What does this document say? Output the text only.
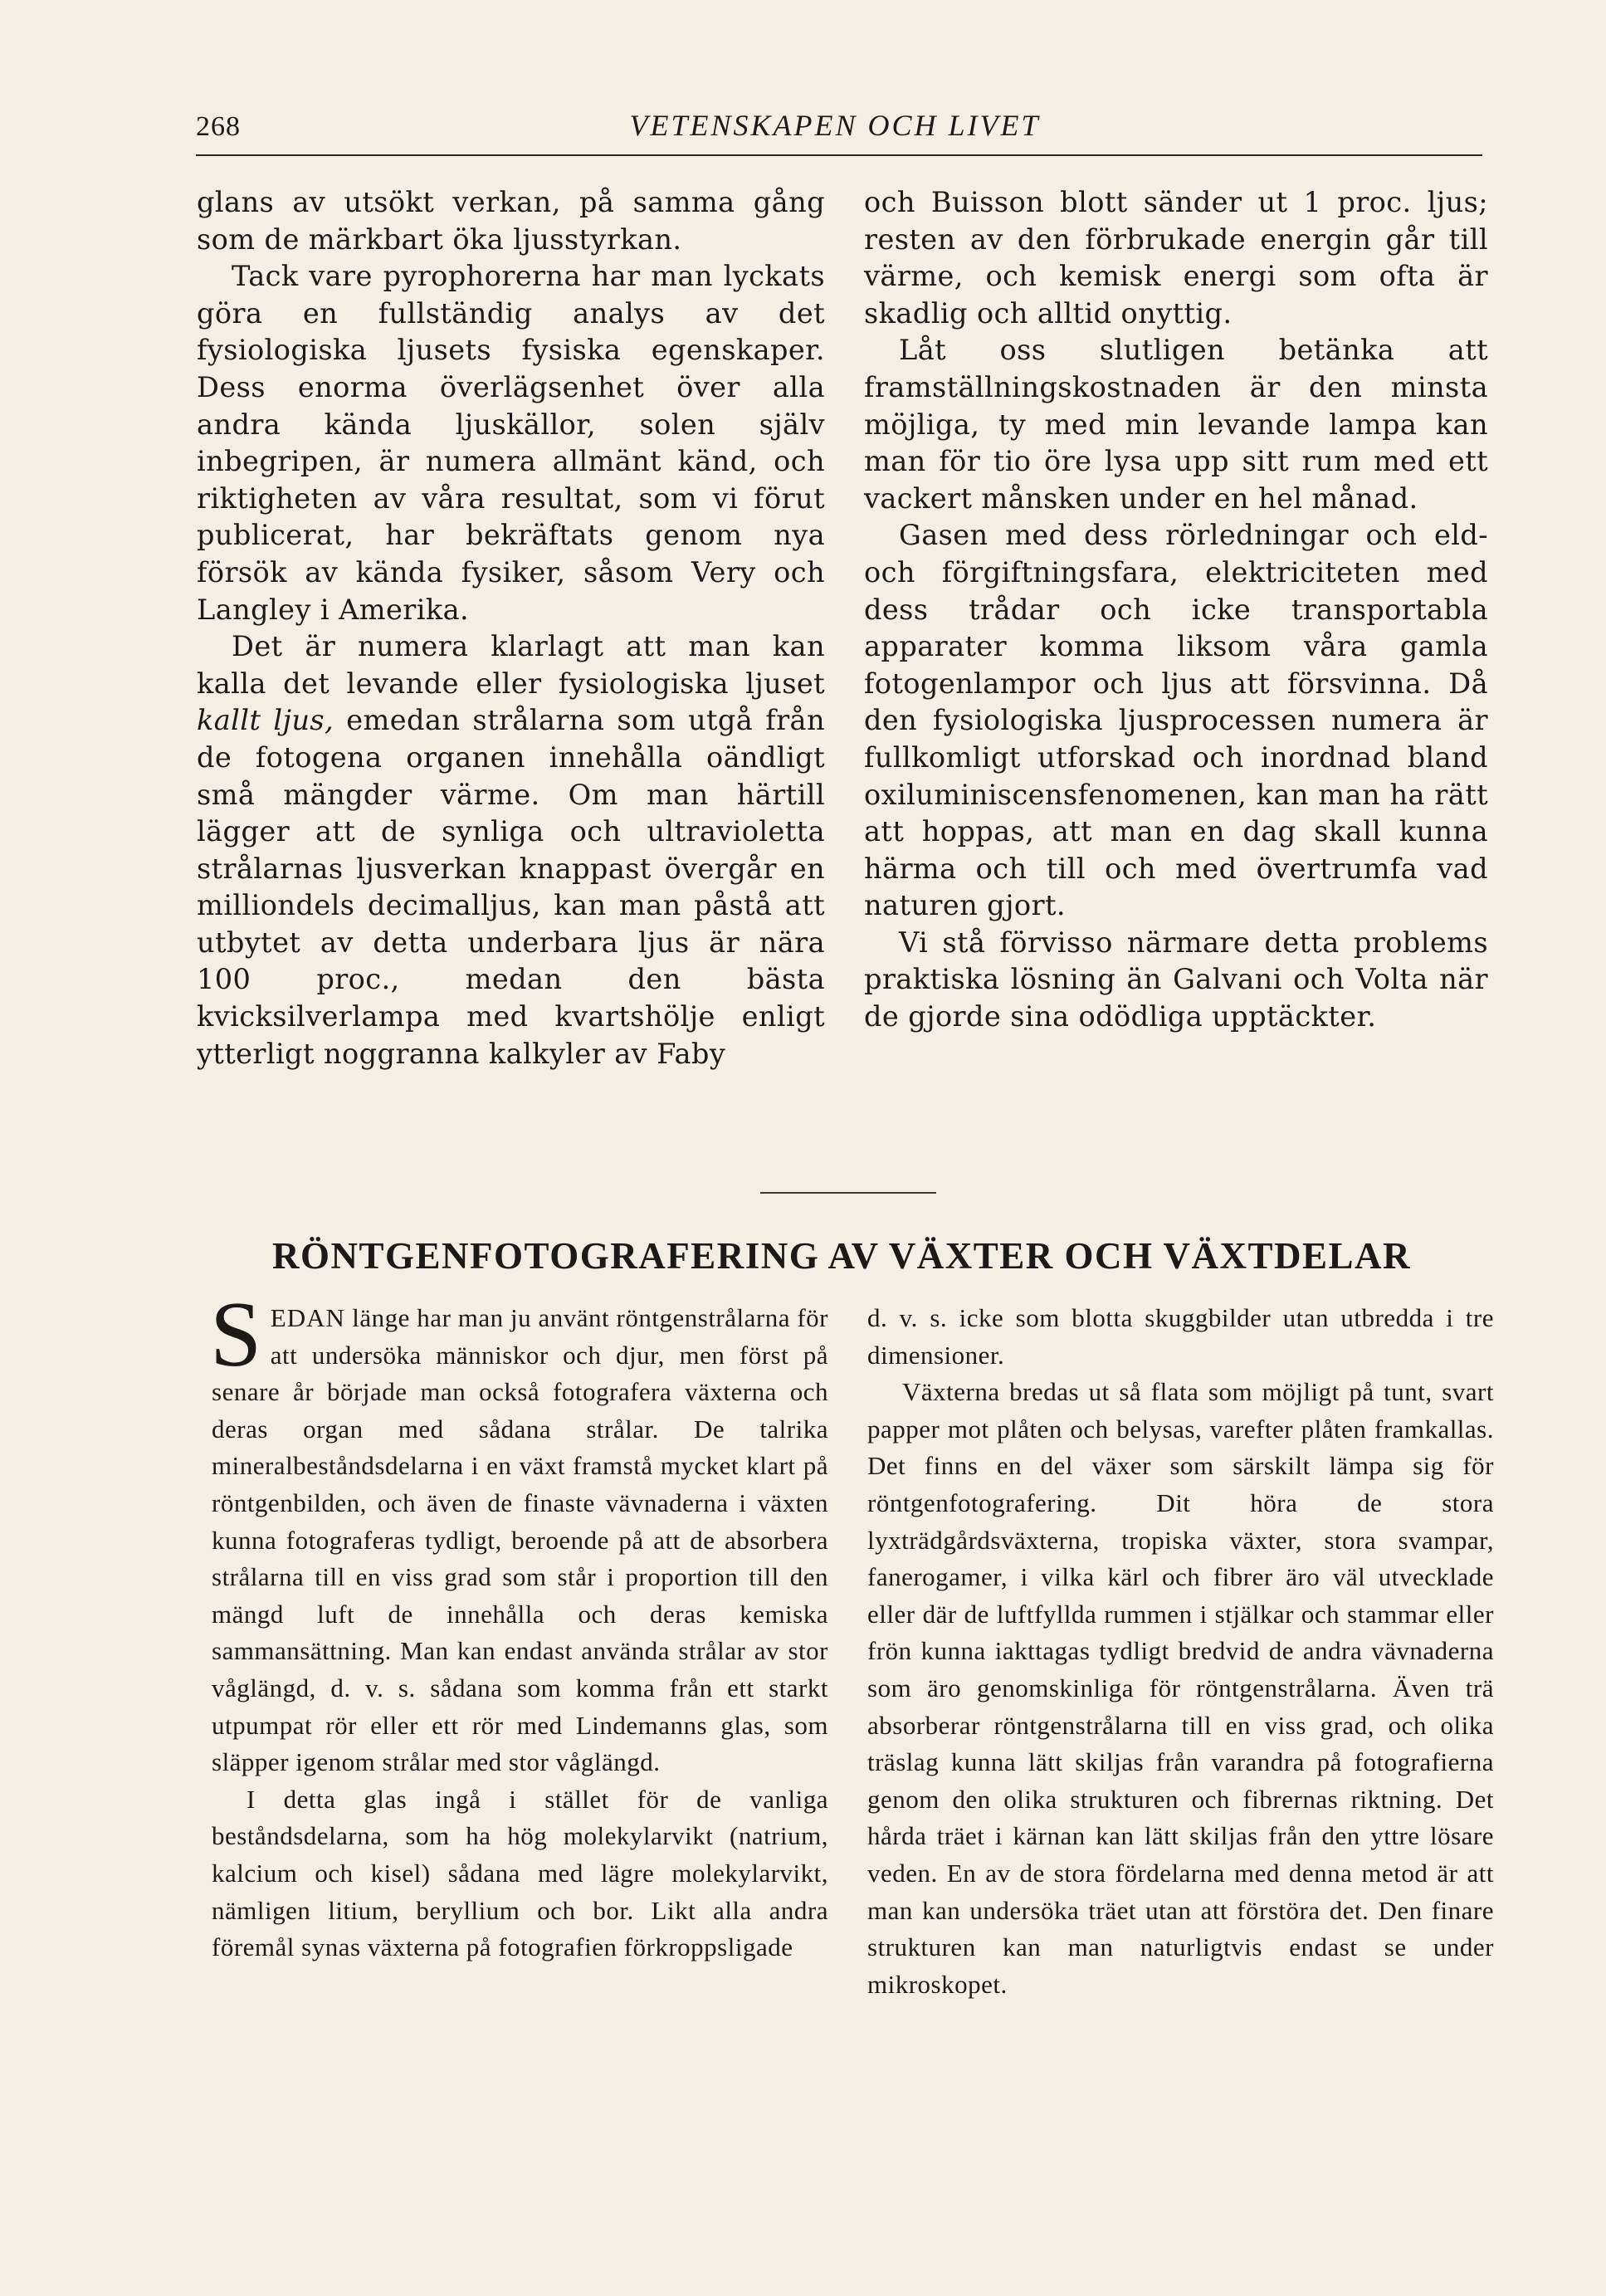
268	VETENSKAPEN OCH LIVET

glans av utsökt verkan, på samma gång som de märkbart öka ljusstyrkan.

Tack vare pyrophorerna har man lyckats göra en fullständig analys av det fysiologiska ljusets fysiska egenskaper. Dess enorma överlägsenhet över alla andra kända ljuskällor, solen själv inbegripen, är numera allmänt känd, och riktigheten av våra resultat, som vi förut publicerat, har bekräftats genom nya försök av kända fysiker, såsom Very och Langley i Amerika.

Det är numera klarlagt att man kan kalla det levande eller fysiologiska ljuset kallt ljus, emedan strålarna som utgå från de fotogena organen innehålla oändligt små mängder värme. Om man härtill lägger att de synliga och ultravioletta strålarnas ljusverkan knappast övergår en milliondels decimalljus, kan man påstå att utbytet av detta underbara ljus är nära 100 proc., medan den bästa kvicksilverlampa med kvartshölje enligt ytterligt noggranna kalkyler av Faby

och Buisson blott sänder ut 1 proc. ljus; resten av den förbrukade energin går till värme, och kemisk energi som ofta är skadlig och alltid onyttig.

Låt oss slutligen betänka att framställningskostnaden är den minsta möjliga, ty med min levande lampa kan man för tio öre lysa upp sitt rum med ett vackert månsken under en hel månad.

Gasen med dess rörledningar och eld- och förgiftningsfara, elektriciteten med dess trådar och icke transportabla apparater komma liksom våra gamla fotogenlampor och ljus att försvinna. Då den fysiologiska ljusprocessen numera är fullkomligt utforskad och inordnad bland oxiluminiscensfenomenen, kan man ha rätt att hoppas, att man en dag skall kunna härma och till och med övertrumfa vad naturen gjort.

Vi stå förvisso närmare detta problems praktiska lösning än Galvani och Volta när de gjorde sina odödliga upptäckter.

RÖNTGENFOTOGRAFERING AV VÄXTER OCH VÄXTDELAR

SEDAN länge har man ju använt röntgenstrålarna för att undersöka människor och djur, men först på senare år började man också fotografera växterna och deras organ med sådana strålar. De talrika mineralbeståndsdelarna i en växt framstå mycket klart på röntgenbilden, och även de finaste vävnaderna i växten kunna fotograferas tydligt, beroende på att de absorbera strålarna till en viss grad som står i proportion till den mängd luft de innehålla och deras kemiska sammansättning. Man kan endast använda strålar av stor våglängd, d. v. s. sådana som komma från ett starkt utpumpat rör eller ett rör med Lindemanns glas, som släpper igenom strålar med stor våglängd.

I detta glas ingå i stället för de vanliga beståndsdelarna, som ha hög molekylarvikt (natrium, kalcium och kisel) sådana med lägre molekylarvikt, nämligen litium, beryllium och bor. Likt alla andra föremål synas växterna på fotografien förkroppsligade

d. v. s. icke som blotta skuggbilder utan utbredda i tre dimensioner.

Växterna bredas ut så flata som möjligt på tunt, svart papper mot plåten och belysas, varefter plåten framkallas. Det finns en del växer som särskilt lämpa sig för röntgenfotografering. Dit höra de stora lyxträdgårdsväxterna, tropiska växter, stora svampar, fanerogamer, i vilka kärl och fibrer äro väl utvecklade eller där de luftfyllda rummen i stjälkar och stammar eller frön kunna iakttagas tydligt bredvid de andra vävnaderna som äro genomskinliga för röntgenstrålarna. Även trä absorberar röntgenstrålarna till en viss grad, och olika träslag kunna lätt skiljas från varandra på fotografierna genom den olika strukturen och fibrernas riktning. Det hårda träet i kärnan kan lätt skiljas från den yttre lösare veden. En av de stora fördelarna med denna metod är att man kan undersöka träet utan att förstöra det. Den finare strukturen kan man naturligtvis endast se under mikroskopet.
